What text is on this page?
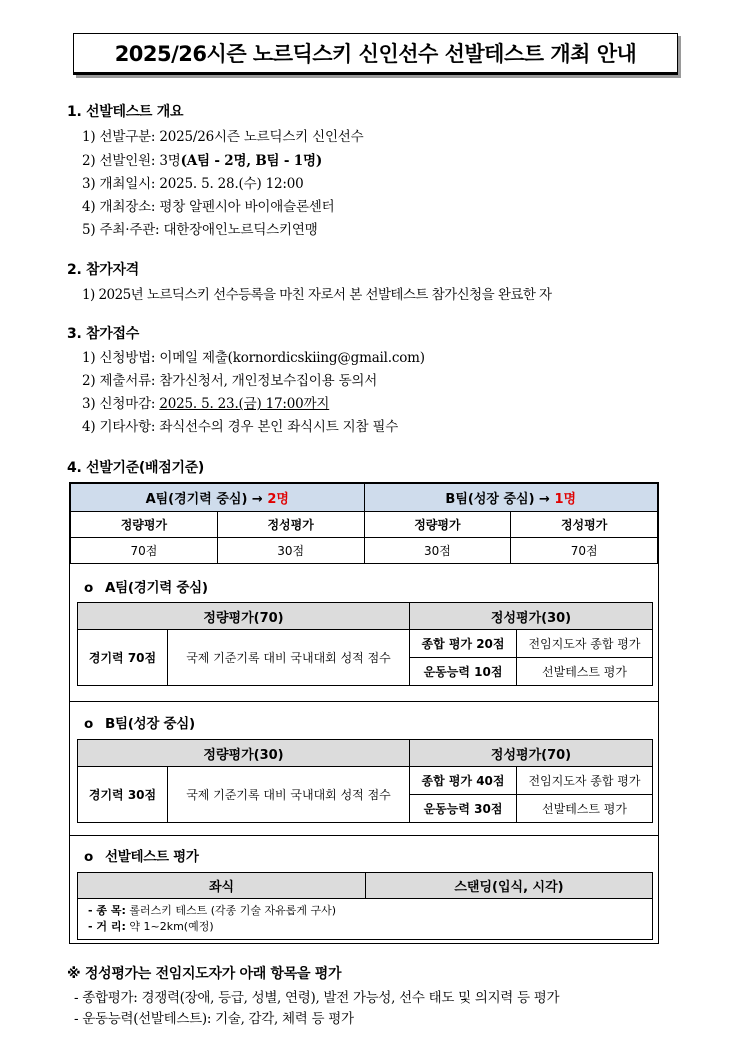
2025/26시즌 노르딕스키 신인선수 선발테스트 개최 안내
1. 선발테스트 개요
1) 선발구분: 2025/26시즌 노르딕스키 신인선수
2) 선발인원: 3명(A팀 - 2명, B팀 - 1명)
3) 개최일시: 2025. 5. 28.(수) 12:00
4) 개최장소: 평창 알펜시아 바이애슬론센터
5) 주최·주관: 대한장애인노르딕스키연맹
2. 참가자격
1) 2025년 노르딕스키 선수등록을 마친 자로서 본 선발테스트 참가신청을 완료한 자
3. 참가접수
1) 신청방법: 이메일 제출(kornordicskiing@gmail.com)
2) 제출서류: 참가신청서, 개인정보수집이용 동의서
3) 신청마감: 2025. 5. 23.(금) 17:00까지
4) 기타사항: 좌식선수의 경우 본인 좌식시트 지참 필수
4. 선발기준(배점기준)
A팀(경기력 중심) → 2명		B팀(성장 중심) → 1명	
정량평가	정성평가	정량평가	정성평가
70점	30점	30점	70점
o A팀(경기력 중심)
정량평가(70)		정성평가(30)	
경기력 70점	국제 기준기록 대비 국내대회 성적 점수	종합 평가 20점	전임지도자 종합 평가
		운동능력 10점	선발테스트 평가
o B팀(성장 중심)
정량평가(30)		정성평가(70)	
경기력 30점	국제 기준기록 대비 국내대회 성적 점수	종합 평가 40점	전임지도자 종합 평가
		운동능력 30점	선발테스트 평가
o 선발테스트 평가
좌식	스탠딩(입식, 시각)

- 종 목: 롤러스키 테스트 (각종 기술 자유롭게 구사)
- 거 리: 약 1~2km(예정)
※ 정성평가는 전임지도자가 아래 항목을 평가
- 종합평가: 경쟁력(장애, 등급, 성별, 연령), 발전 가능성, 선수 태도 및 의지력 등 평가
- 운동능력(선발테스트): 기술, 감각, 체력 등 평가
